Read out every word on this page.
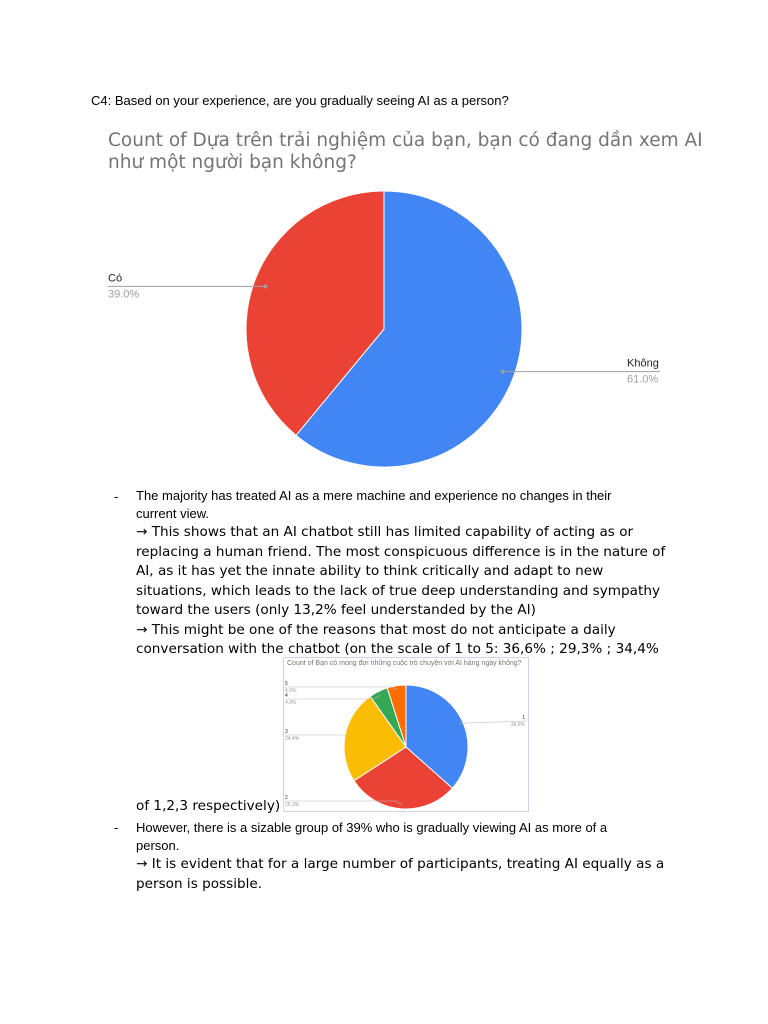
C4: Based on your experience, are you gradually seeing AI as a person?
Count of Dựa trên trải nghiệm của bạn, bạn có đang dần xem AI như một người bạn không?
Không
61.0%
Có
39.0%
- The majority has treated AI as a mere machine and experience no changes in their
current view.
→ This shows that an AI chatbot still has limited capability of acting as or
replacing a human friend. The most conspicuous difference is in the nature of
AI, as it has yet the innate ability to think critically and adapt to new
situations, which leads to the lack of true deep understanding and sympathy
toward the users (only 13,2% feel understanded by the AI)
→ This might be one of the reasons that most do not anticipate a daily
conversation with the chatbot (on the scale of 1 to 5: 36,6% ; 29,3% ; 34,4%
Count of Bạn có mong đợi những cuộc trò chuyện với AI hàng ngày không?
1
36.6%
2
29.3%
3
24.4%
4
4.9%
5
4.9%
of 1,2,3 respectively)
- However, there is a sizable group of 39% who is gradually viewing AI as more of a
person.
→ It is evident that for a large number of participants, treating AI equally as a
person is possible.
